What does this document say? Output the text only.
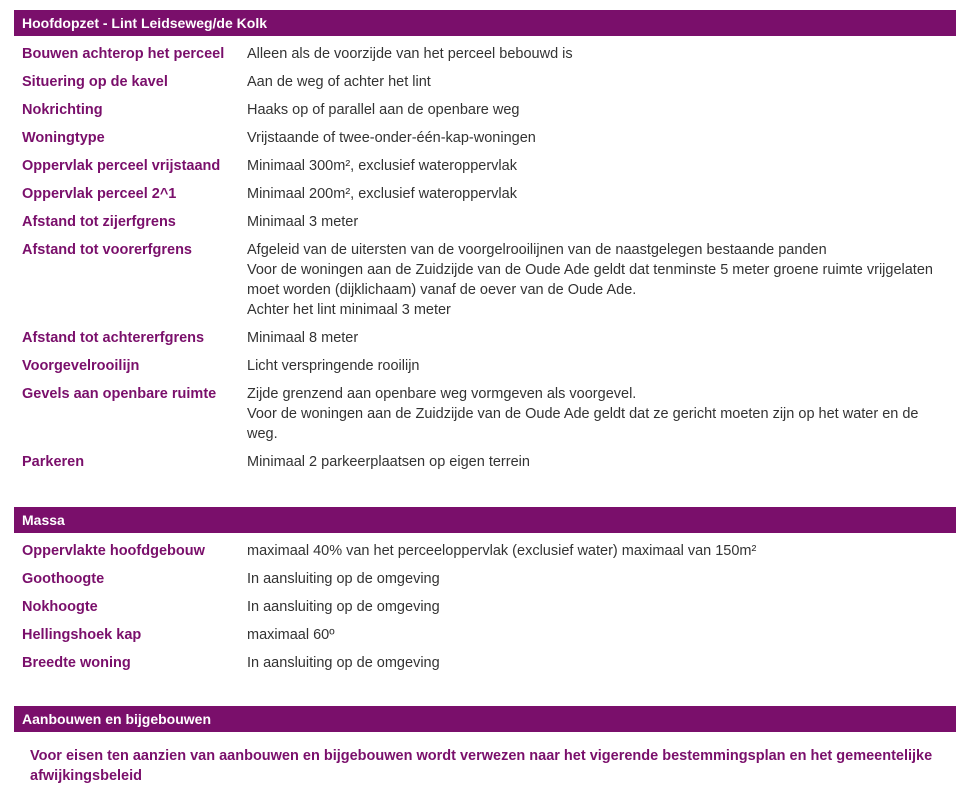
Hoofdopzet - Lint Leidseweg/de Kolk
Bouwen achterop het perceel	Alleen als de voorzijde van het perceel bebouwd is
Situering op de kavel	Aan de weg of achter het lint
Nokrichting	Haaks op of parallel aan de openbare weg
Woningtype	Vrijstaande of twee-onder-één-kap-woningen
Oppervlak perceel vrijstaand	Minimaal 300m², exclusief wateroppervlak
Oppervlak perceel 2^1	Minimaal 200m², exclusief wateroppervlak
Afstand tot zijerfgrens	Minimaal 3 meter
Afstand tot voorerfgrens	Afgeleid van de uitersten van de voorgelrooilijnen van de naastgelegen bestaande panden
Voor de woningen aan de Zuidzijde van de Oude Ade geldt dat tenminste 5 meter groene ruimte vrijgelaten moet worden (dijklichaam) vanaf de oever van de Oude Ade.
Achter het lint minimaal 3 meter
Afstand tot achtererfgrens	Minimaal 8 meter
Voorgevelrooilijn	Licht verspringende rooilijn
Gevels aan openbare ruimte	Zijde grenzend aan openbare weg vormgeven als voorgevel.
Voor de woningen aan de Zuidzijde van de Oude Ade geldt dat ze gericht moeten zijn op het water en de weg.
Parkeren	Minimaal 2 parkeerplaatsen op eigen terrein
Massa
Oppervlakte hoofdgebouw	maximaal 40% van het perceeloppervlak (exclusief water) maximaal van 150m²
Goothoogte	In aansluiting op de omgeving
Nokhoogte	In aansluiting op de omgeving
Hellingshoek kap	maximaal 60º
Breedte woning	In aansluiting op de omgeving
Aanbouwen en bijgebouwen
Voor eisen ten aanzien van aanbouwen en bijgebouwen wordt verwezen naar het vigerende bestemmingsplan en het gemeentelijke afwijkingsbeleid
